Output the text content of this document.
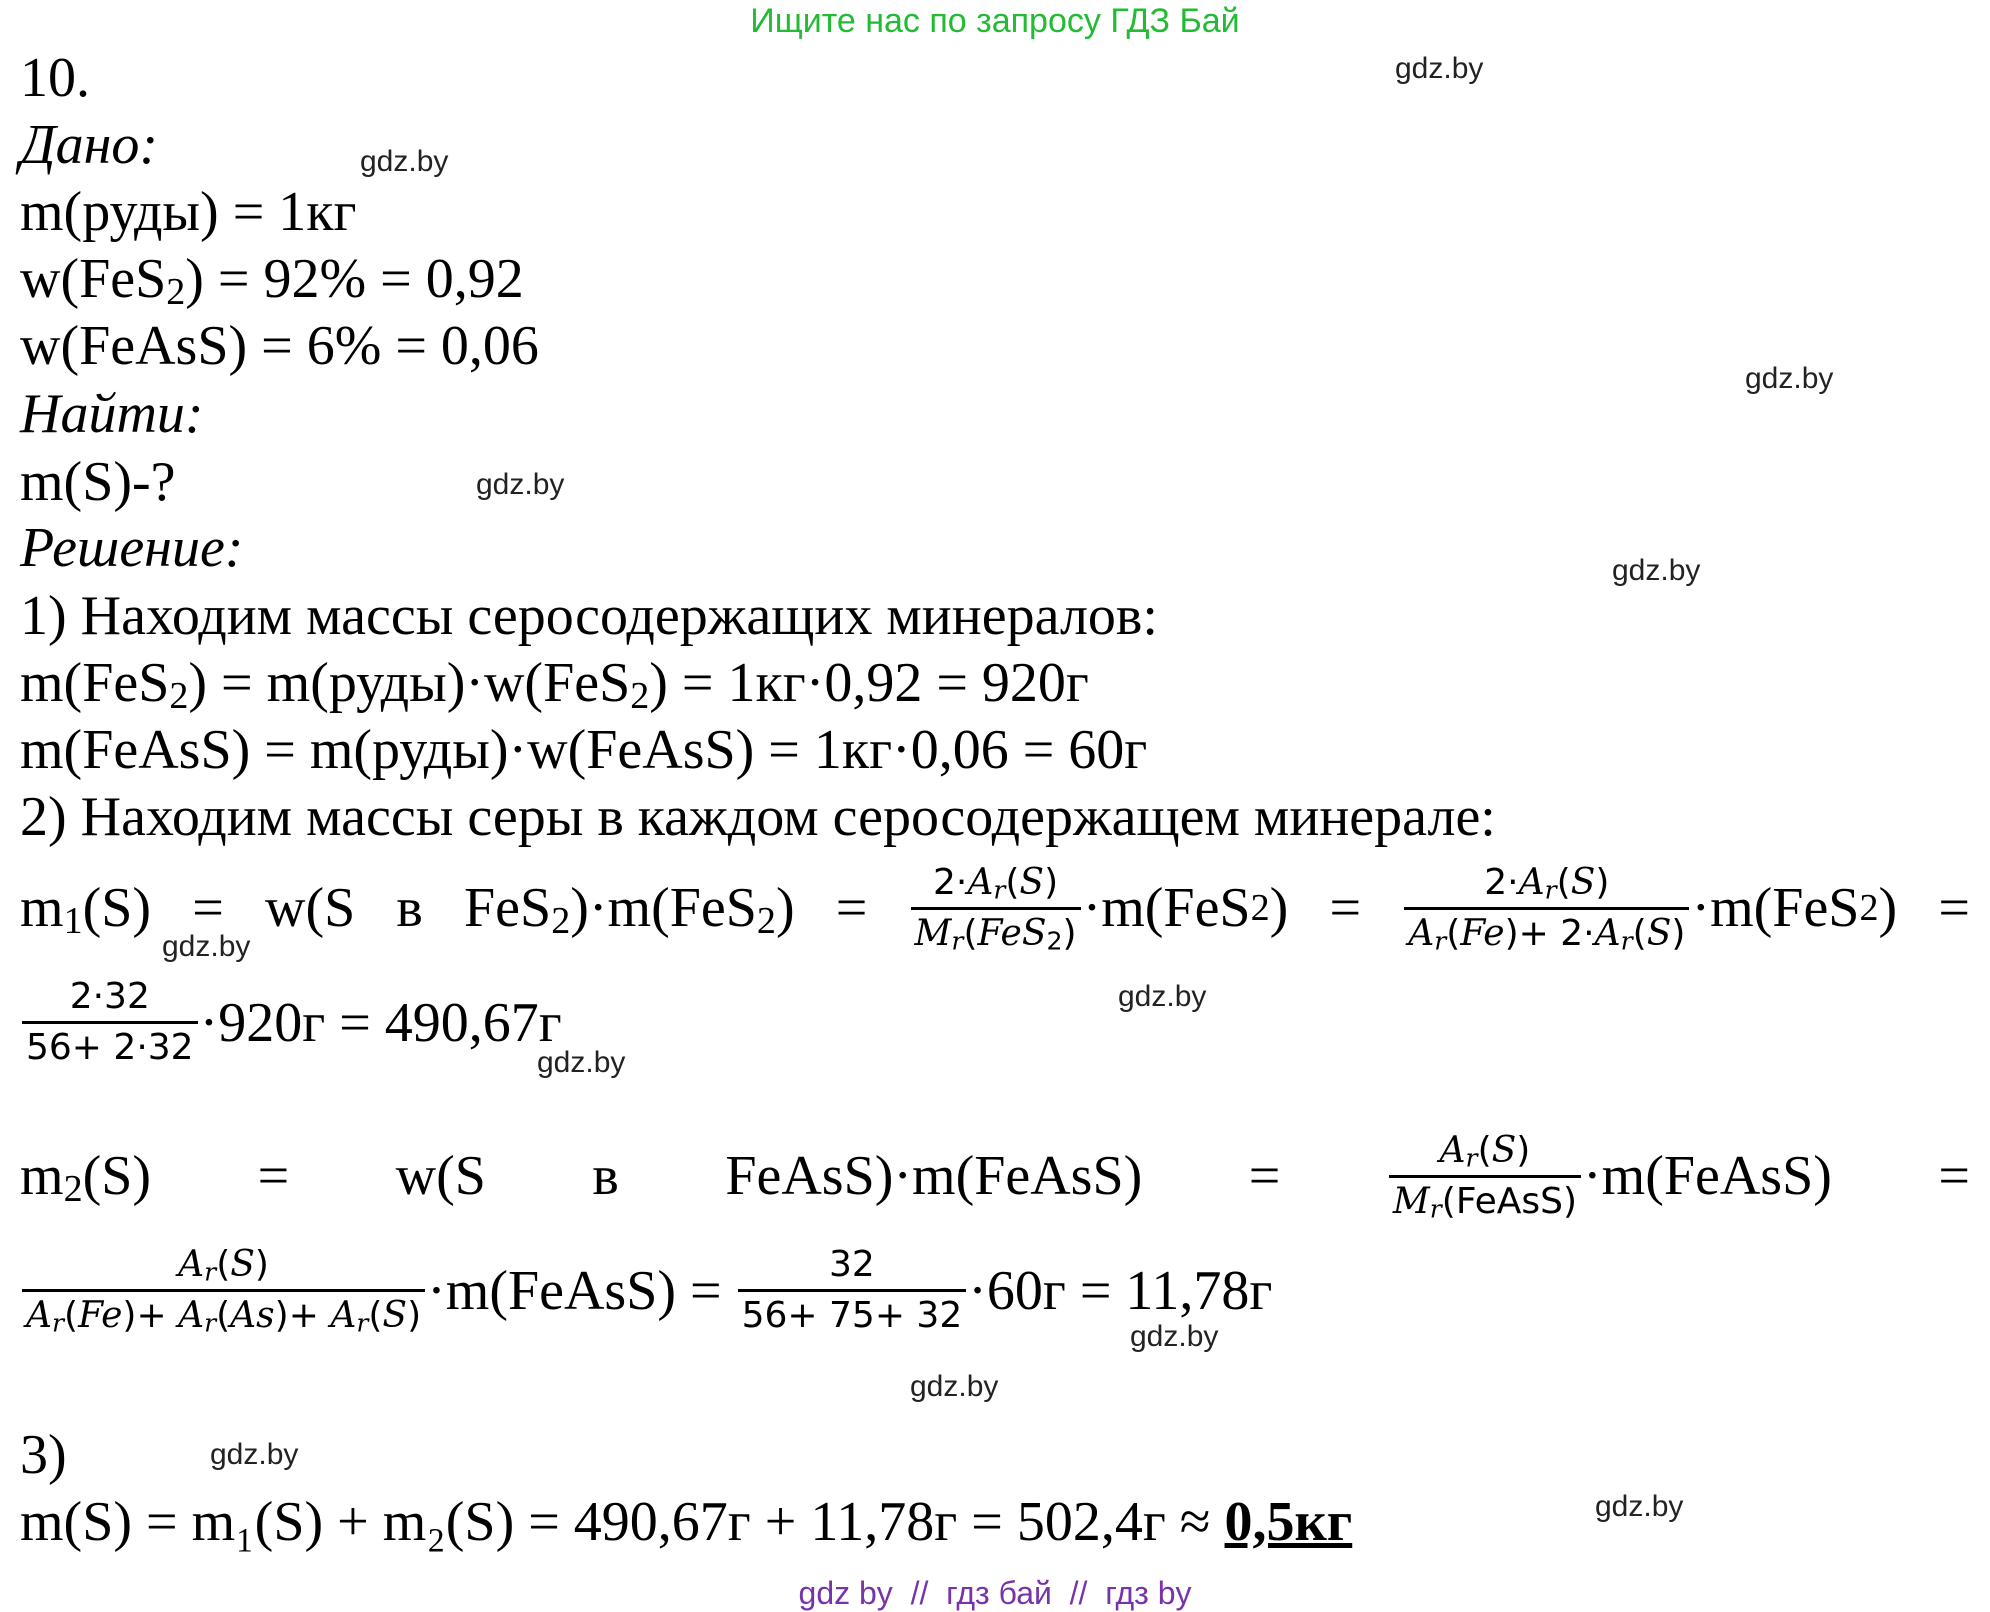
Ищите нас по запросу ГДЗ Бай
gdz.by
gdz.by
gdz.by
gdz.by
gdz.by
gdz.by
gdz.by
gdz.by
gdz.by
gdz.by
gdz.by
gdz.by
10.
Дано:
m(руды) = 1кг
w(FeS$_2$) = 92% = 0,92
w(FeAsS) = 6% = 0,06
Найти:
m(S)-?
Решение:
1) Находим массы серосодержащих минералов:
m(FeS$_2$) = m(руды)·w(FeS$_2$) = 1кг·0,92 = 920г
m(FeAsS) = m(руды)·w(FeAsS) = 1кг·0,06 = 60г
2) Находим массы серы в каждом серосодержащем минерале:
$m_1(S) = w(S$ в $FeS_2)\cdot m(FeS_2) = \frac{2\cdot A_r(S)}{M_r(FeS_2)} \cdot m(FeS$ 2 ) = $\frac{2\cdot A_r(S)}{A_r(Fe)+ 2\cdot A_r(S)} \cdot m(FeS$ 2 ) =
$\frac{2\cdot 32}{56+ 2\cdot 32} \cdot 920г = 490,67г$
$m_2(S) = w(S$ в FeAsS)·m(FeAsS) =	$\frac{A_r(S)}{M_r(FeAsS)}$ ·m(FeAsS) =
$\frac{A_r(S)}{A_r(Fe)+ A_r(As)+ A_r(S)}$ ·m(FeAsS) =
$\frac{32}{56+ 75+ 32} \cdot 60г = 11,78г$
3)
m(S) = m₁(S) + m₂(S) = 490,67г + 11,78г = 502,4г ≈ 0,5кг
gdz by  //  гдз бай  //  гдз by
